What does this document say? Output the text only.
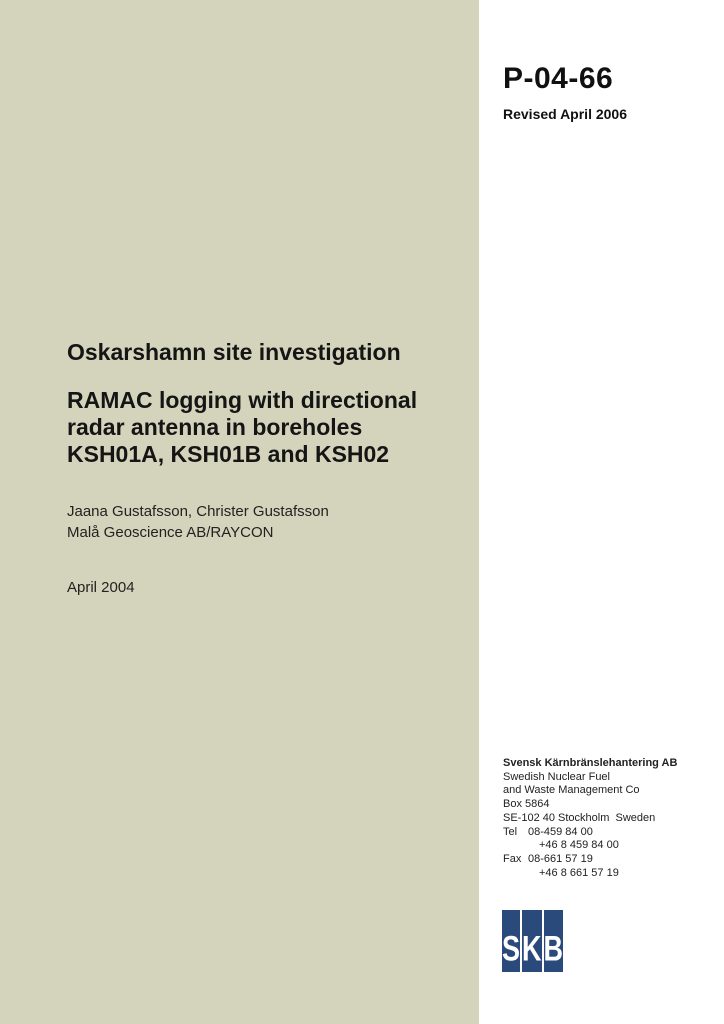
P-04-66
Revised April 2006
Oskarshamn site investigation
RAMAC logging with directional
radar antenna in boreholes
KSH01A, KSH01B and KSH02
Jaana Gustafsson, Christer Gustafsson
Malå Geoscience AB/RAYCON
April 2004
Svensk Kärnbränslehantering AB
Swedish Nuclear Fuel
and Waste Management Co
Box 5864
SE-102 40 Stockholm  Sweden
Tel 08-459 84 00
+46 8 459 84 00
Fax 08-661 57 19
+46 8 661 57 19
S K B
